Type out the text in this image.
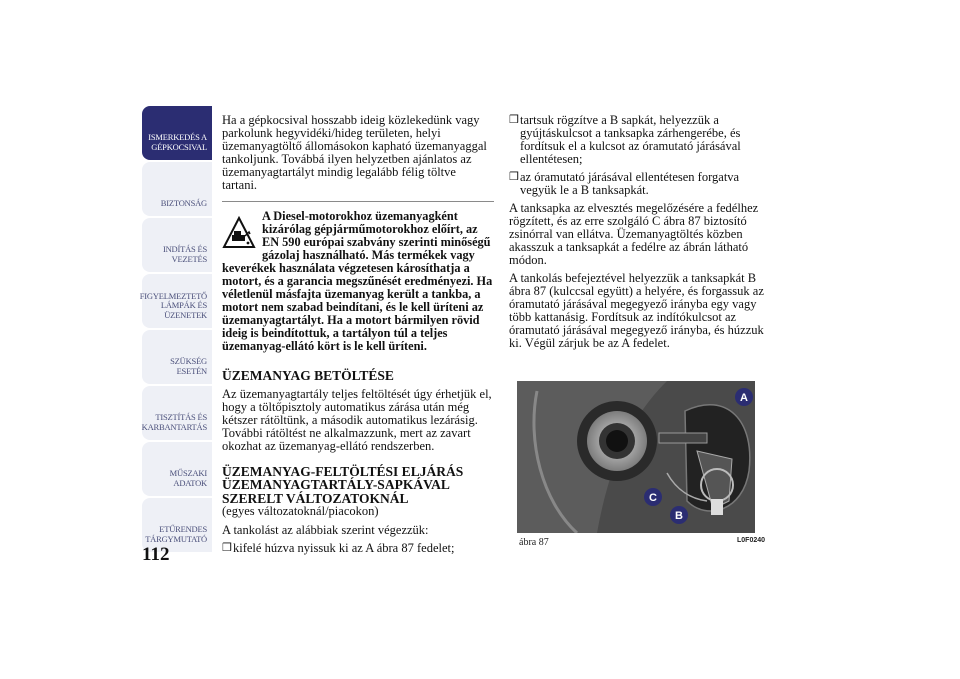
ISMERKEDÉS A GÉPKOCSIVAL
BIZTONSÁG
INDÍTÁS ÉS VEZETÉS
FIGYELMEZTETŐ LÁMPÁK ÉS ÜZENETEK
SZÜKSÉG ESETÉN
TISZTÍTÁS ÉS KARBANTARTÁS
MŰSZAKI ADATOK
ETŰRENDES TÁRGYMUTATÓ
112

Ha a gépkocsival hosszabb ideig közlekedünk vagy parkolunk hegyvidéki/hideg területen, helyi üzemanyagtöltő állomásokon kapható üzemanyaggal tankoljunk. Továbbá ilyen helyzetben ajánlatos az üzemanyagtartályt mindig legalább félig töltve tartani.

A Diesel-motorokhoz üzemanyagként kizárólag gépjárműmotorokhoz előírt, az EN 590 európai szabvány szerinti minőségű gázolaj használható. Más termékek vagy keverékek használata végzetesen károsíthatja a motort, és a garancia megszűnését eredményezi. Ha véletlenül másfajta üzemanyag került a tankba, a motort nem szabad beindítani, és le kell üríteni az üzemanyagtartályt. Ha a motort bármilyen rövid ideig is beindítottuk, a tartályon túl a teljes üzemanyag-ellátó kört is le kell üríteni.
ÜZEMANYAG BETÖLTÉSE

Az üzemanyagtartály teljes feltöltését úgy érhetjük el, hogy a töltőpisztoly automatikus zárása után még kétszer rátöltünk, a második automatikus lezárásig. További rátöltést ne alkalmazzunk, mert az zavart okozhat az üzemanyag-ellátó rendszerben.

ÜZEMANYAG-FELTÖLTÉSI ELJÁRÁS ÜZEMANYAGTARTÁLY-SAPKÁVAL SZERELT VÁLTOZATOKNÁL

(egyes változatoknál/piacokon)

A tankolást az alábbiak szerint végezzük:

❒ kifelé húzva nyissuk ki az A ábra 87 fedelet;
❒ tartsuk rögzítve a B sapkát, helyezzük a gyújtáskulcsot a tanksapka zárhengerébe, és fordítsuk el a kulcsot az óramutató járásával ellentétesen;
❒ az óramutató járásával ellentétesen forgatva vegyük le a B tanksapkát.

A tanksapka az elvesztés megelőzésére a fedélhez rögzített, és az erre szolgáló C ábra 87 biztosító zsinórral van ellátva. Üzemanyagtöltés közben akasszuk a tanksapkát a fedélre az ábrán látható módon.

A tankolás befejeztével helyezzük a tanksapkát B ábra 87 (kulccsal együtt) a helyére, és forgassuk az óramutató járásával megegyező irányba egy vagy több kattanásig. Fordítsuk az indítókulcsot az óramutató járásával megegyező irányba, és húzzuk ki. Végül zárjuk be az A fedelet.

A
C
B
ábra 87	L0F0240
